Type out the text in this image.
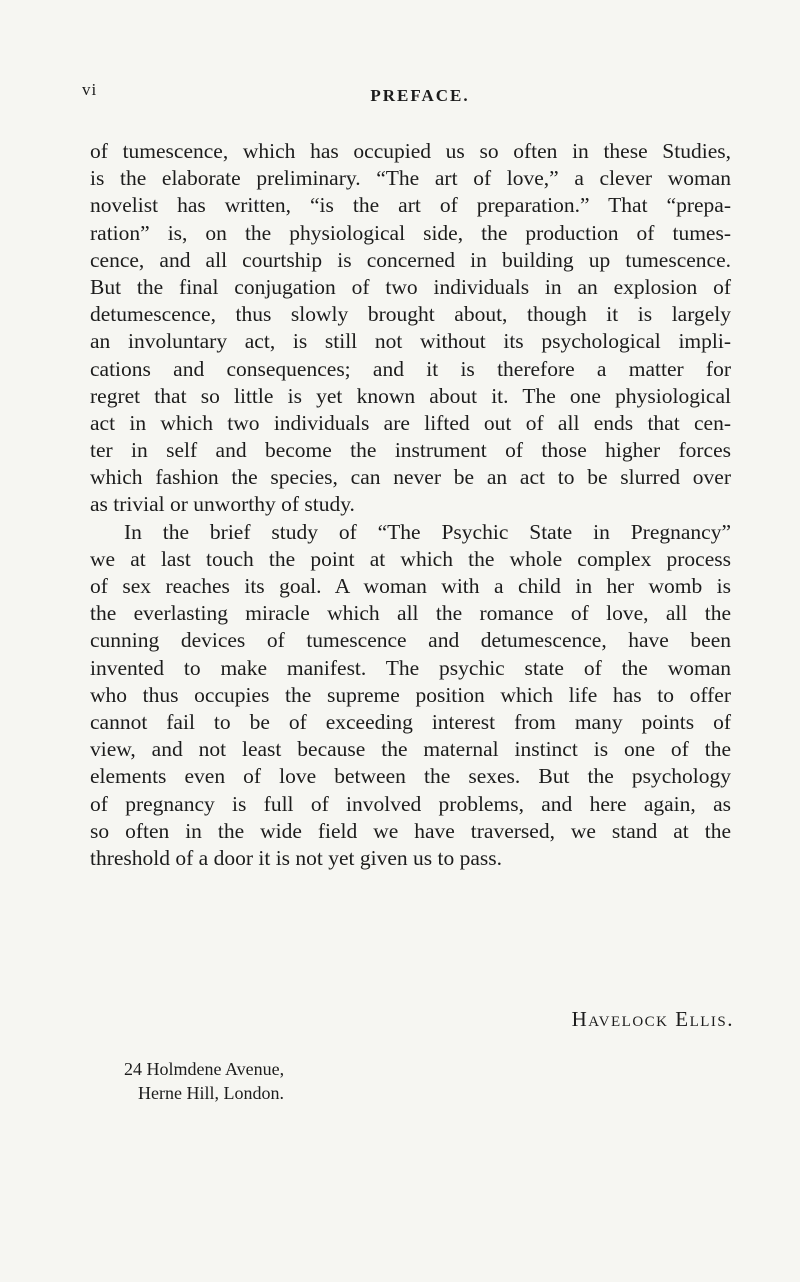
vi	PREFACE.
of tumescence, which has occupied us so often in these Studies,
is the elaborate preliminary. “The art of love,” a clever woman
novelist has written, “is the art of preparation.” That “prepa-
ration” is, on the physiological side, the production of tumes-
cence, and all courtship is concerned in building up tumescence.
But the final conjugation of two individuals in an explosion of
detumescence, thus slowly brought about, though it is largely
an involuntary act, is still not without its psychological impli-
cations and consequences; and it is therefore a matter for
regret that so little is yet known about it. The one physiological
act in which two individuals are lifted out of all ends that cen-
ter in self and become the instrument of those higher forces
which fashion the species, can never be an act to be slurred over
as trivial or unworthy of study.
In the brief study of “The Psychic State in Pregnancy”
we at last touch the point at which the whole complex process
of sex reaches its goal. A woman with a child in her womb is
the everlasting miracle which all the romance of love, all the
cunning devices of tumescence and detumescence, have been
invented to make manifest. The psychic state of the woman
who thus occupies the supreme position which life has to offer
cannot fail to be of exceeding interest from many points of
view, and not least because the maternal instinct is one of the
elements even of love between the sexes. But the psychology
of pregnancy is full of involved problems, and here again, as
so often in the wide field we have traversed, we stand at the
threshold of a door it is not yet given us to pass.
Havelock Ellis.
24 Holmdene Avenue,
Herne Hill, London.
